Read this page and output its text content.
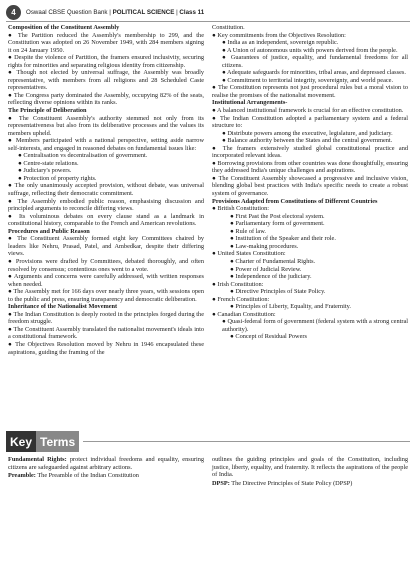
4	Oswaal CBSE Question Bank | POLITICAL SCIENCE | Class 11

Composition of the Constituent Assembly

● The Partition reduced the Assembly's membership to 299, and the Constitution was adopted on 26 November 1949, with 284 members signing it on 24 January 1950.

● Despite the violence of Partition, the framers ensured inclusivity, securing rights for minorities and separating religious identity from citizenship.

● Though not elected by universal suffrage, the Assembly was broadly representative, with members from all religions and 28 Scheduled Caste representatives.

● The Congress party dominated the Assembly, occupying 82% of the seats, reflecting diverse opinions within its ranks.

The Principle of Deliberation

● The Constituent Assembly's authority stemmed not only from its representativeness but also from its deliberative processes and the values its members upheld.

● Members participated with a national perspective, setting aside narrow self-interests, and engaged in reasoned debates on fundamental issues like:

● Centralisation vs decentralisation of government.

● Centre-state relations.

● Judiciary's powers.

● Protection of property rights.

● The only unanimously accepted provision, without debate, was universal suffrage, reflecting their democratic commitment.

● The Assembly embodied public reason, emphasising discussion and principled arguments to reconcile differing views.

● Its voluminous debates on every clause stand as a landmark in constitutional history, comparable to the French and American revolutions.

Procedures and Public Reason

● The Constituent Assembly formed eight key Committees chaired by leaders like Nehru, Prasad, Patel, and Ambedkar, despite their differing views.

● Provisions were drafted by Committees, debated thoroughly, and often resolved by consensus; contentious ones went to a vote.

● Arguments and concerns were carefully addressed, with written responses when needed.

● The Assembly met for 166 days over nearly three years, with sessions open to the public and press, ensuring transparency and democratic deliberation.

Inheritance of the Nationalist Movement

● The Indian Constitution is deeply rooted in the principles forged during the freedom struggle.

● The Constituent Assembly translated the nationalist movement's ideals into a constitutional framework.

● The Objectives Resolution moved by Nehru in 1946 encapsulated these aspirations, guiding the framing of the

Constitution.

● Key commitments from the Objectives Resolution:

● India as an independent, sovereign republic.

● A Union of autonomous units with powers derived from the people.

● Guarantees of justice, equality, and fundamental freedoms for all citizens.

● Adequate safeguards for minorities, tribal areas, and depressed classes.

● Commitment to territorial integrity, sovereignty, and world peace.

● The Constitution represents not just procedural rules but a moral vision to realise the promises of the nationalist movement.

Institutional Arrangements-

● A balanced institutional framework is crucial for an effective constitution.

● The Indian Constitution adopted a parliamentary system and a federal structure to:

● Distribute powers among the executive, legislature, and judiciary.

● Balance authority between the States and the central government.

● The framers extensively studied global constitutional practice and incorporated relevant ideas.

● Borrowing provisions from other countries was done thoughtfully, ensuring they addressed India's unique challenges and aspirations.

● The Constituent Assembly showcased a progressive and inclusive vision, blending global best practices with India's specific needs to create a robust system of governance.

Provisions Adapted from Constitutions of Different Countries

● British Constitution:

● First Past the Post electoral system.

● Parliamentary form of government.

● Rule of law.

● Institution of the Speaker and their role.

● Law-making procedures.

● United States Constitution:

● Charter of Fundamental Rights.

● Power of Judicial Review.

● Independence of the judiciary.

● Irish Constitution:

● Directive Principles of State Policy.

● French Constitution:

● Principles of Liberty, Equality, and Fraternity.

● Canadian Constitution:

● Quasi-federal form of government (federal system with a strong central authority).

● Concept of Residual Powers

Key Terms

Fundamental Rights: protect individual freedoms and equality, ensuring citizens are safeguarded against arbitrary actions.

Preamble: The Preamble of the Indian Constitution

outlines the guiding principles and goals of the Constitution, including justice, liberty, equality, and fraternity. It reflects the aspirations of the people of India.

DPSP: The Directive Principles of State Policy (DPSP)
